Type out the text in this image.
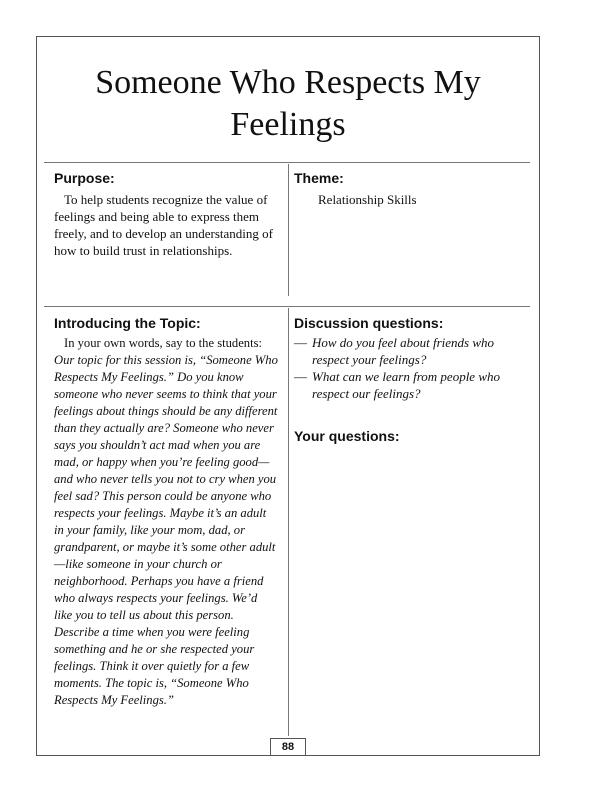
Someone Who Respects My
Feelings
Purpose:

To help students recognize the value of feelings and being able to express them freely, and to develop an understanding of how to build trust in relationships.

Theme:

Relationship Skills

Introducing the Topic:

In your own words, say to the students: Our topic for this session is, “Someone Who Respects My Feelings.” Do you know someone who never seems to think that your feelings about things should be any different than they actually are? Someone who never says you shouldn’t act mad when you are mad, or happy when you’re feeling good—and who never tells you not to cry when you feel sad? This person could be anyone who respects your feelings. Maybe it’s an adult in your family, like your mom, dad, or grandparent, or maybe it’s some other adult—like someone in your church or neighborhood. Perhaps you have a friend who always respects your feelings. We’d like you to tell us about this person. Describe a time when you were feeling something and he or she respected your feelings. Think it over quietly for a few moments. The topic is, “Someone Who Respects My Feelings.”

Discussion questions:
— How do you feel about friends who respect your feelings?
— What can we learn from people who respect our feelings?
Your questions:
88
